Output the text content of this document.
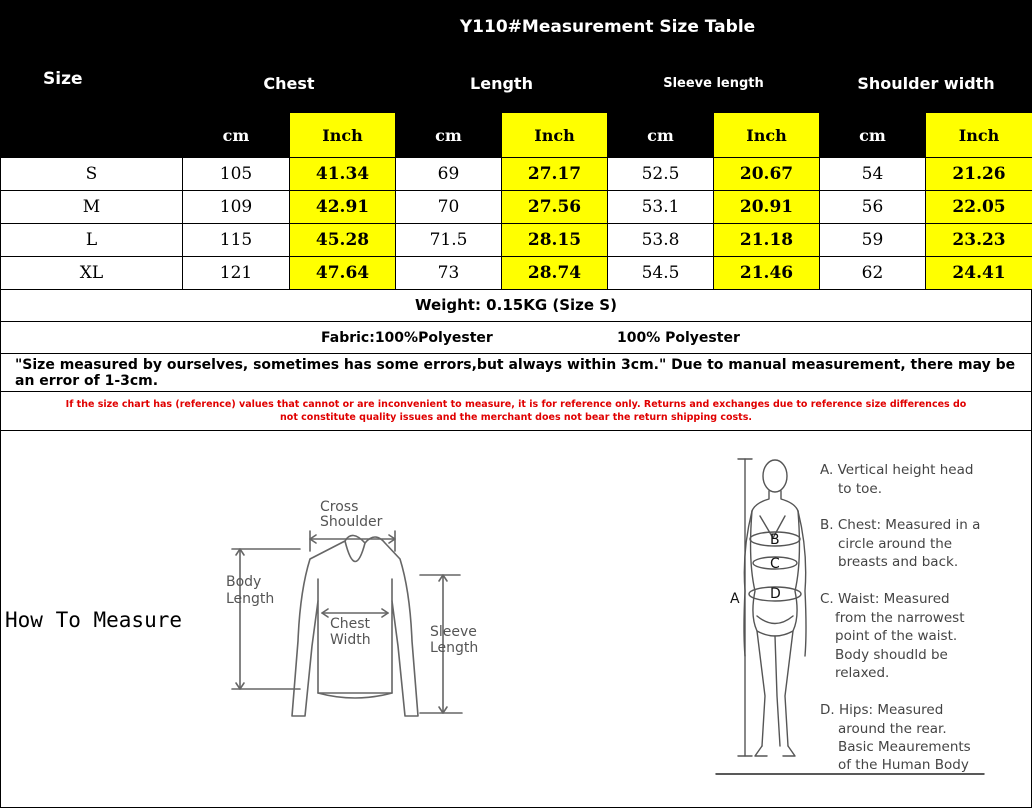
Size	Y110#Measurement Size Table							
	Chest		Length		Sleeve length		Shoulder width	
	cm	Inch	cm	Inch	cm	Inch	cm	Inch
S	105	41.34	69	27.17	52.5	20.67	54	21.26
M	109	42.91	70	27.56	53.1	20.91	56	22.05
L	115	45.28	71.5	28.15	53.8	21.18	59	23.23
XL	121	47.64	73	28.74	54.5	21.46	62	24.41
Weight: 0.15KG (Size S)
Fabric:100%Polyester	100% Polyester
"Size measured by ourselves, sometimes has some errors,but always within 3cm." Due to manual measurement, there may be an error of 1-3cm.
If the size chart has (reference) values that cannot or are inconvenient to measure, it is for reference only. Returns and exchanges due to reference size differences do not constitute quality issues and the merchant does not bear the return shipping costs.
How To Measure
Cross
Shoulder
Body
Length
Chest
Width	Sleeve
Length
A
B
C
D
A. Vertical height head
to toe.
B. Chest: Measured in a
circle around the
breasts and back.
C. Waist: Measured
from the narrowest
point of the waist.
Body shoudld be
relaxed.
D. Hips: Measured
around the rear.
Basic Meaurements
of the Human Body
